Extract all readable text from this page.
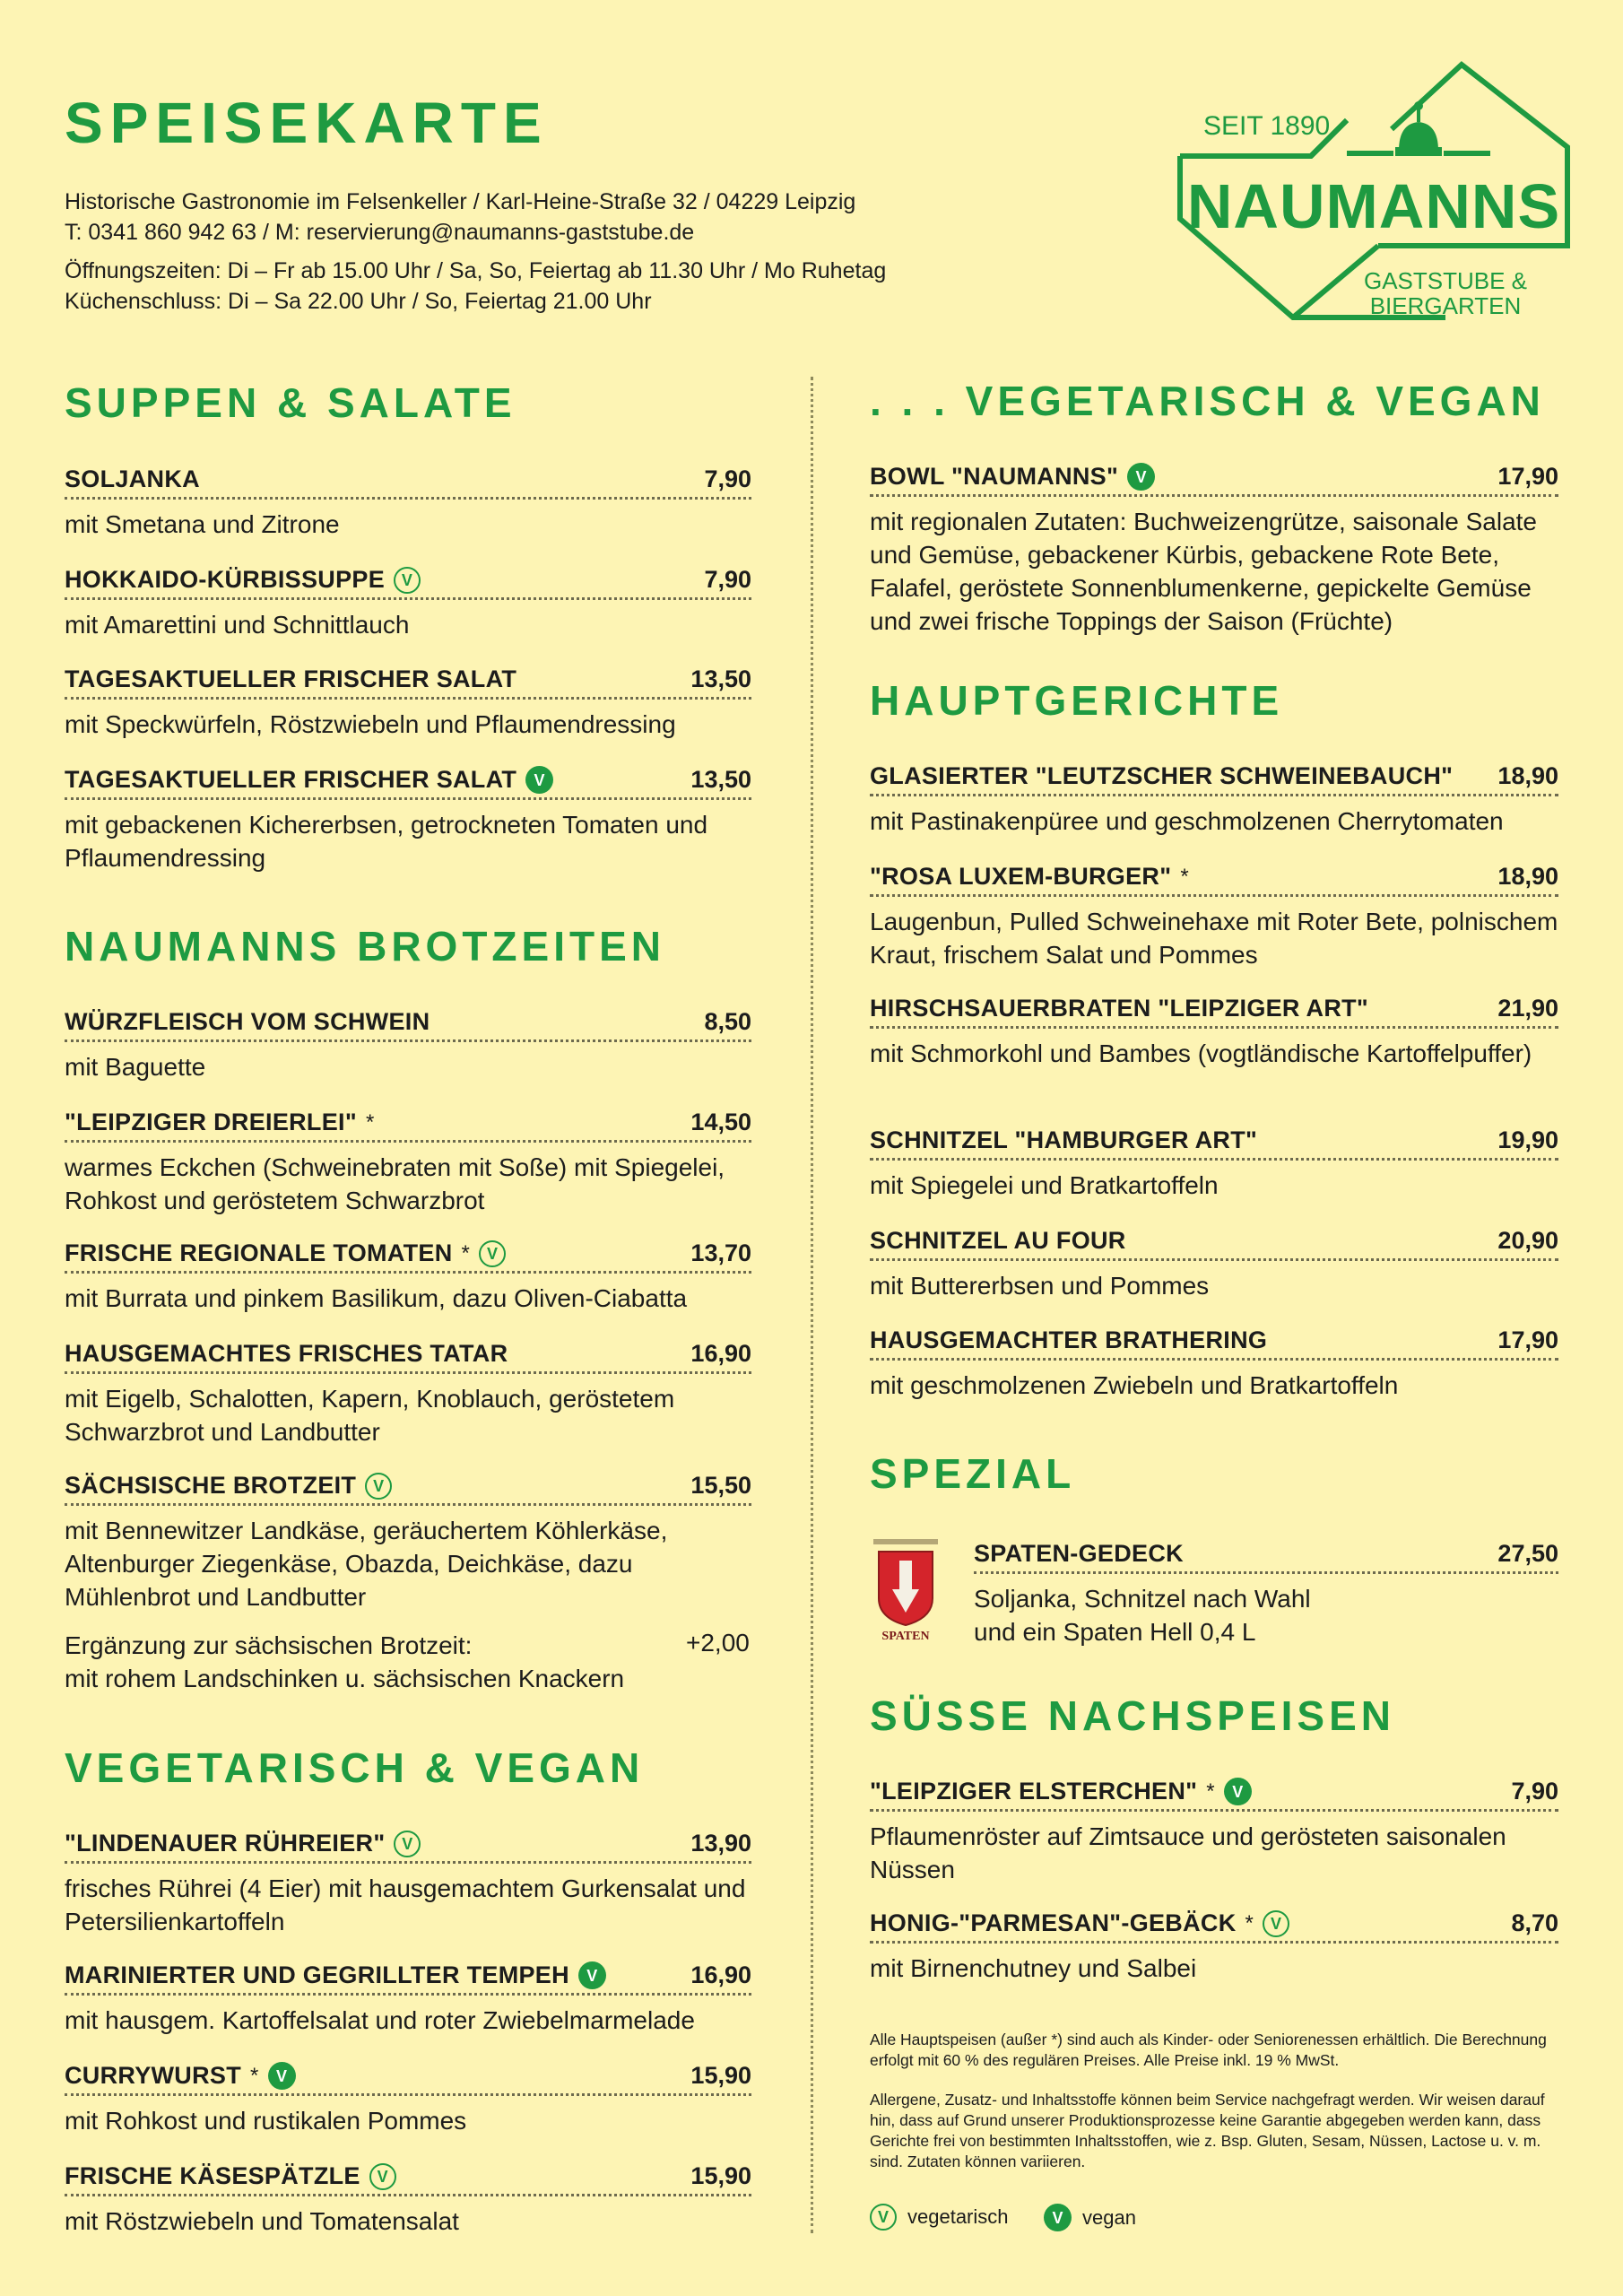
SPEISEKARTE
Historische Gastronomie im Felsenkeller / Karl-Heine-Straße 32 / 04229 Leipzig
T: 0341 860 942 63 / M: reservierung@naumanns-gaststube.de
Öffnungszeiten: Di – Fr ab 15.00 Uhr / Sa, So, Feiertag ab 11.30 Uhr / Mo Ruhetag
Küchenschluss: Di – Sa 22.00 Uhr / So, Feiertag 21.00 Uhr
SEIT 1890
NAUMANNS
GASTSTUBE &
BIERGARTEN
SUPPEN & SALATE
SOLJANKA	7,90
mit Smetana und Zitrone
HOKKAIDO-KÜRBISSUPPE	V	7,90
mit Amarettini und Schnittlauch
TAGESAKTUELLER FRISCHER SALAT	13,50
mit Speckwürfeln, Röstzwiebeln und Pflaumendressing
TAGESAKTUELLER FRISCHER SALAT	V	13,50
mit gebackenen Kichererbsen, getrockneten Tomaten und Pflaumendressing
NAUMANNS BROTZEITEN
WÜRZFLEISCH VOM SCHWEIN	8,50
mit Baguette
"LEIPZIGER DREIERLEI" *	14,50
warmes Eckchen (Schweinebraten mit Soße) mit Spiegelei, Rohkost und geröstetem Schwarzbrot
FRISCHE REGIONALE TOMATEN *	V	13,70
mit Burrata und pinkem Basilikum, dazu Oliven-Ciabatta
HAUSGEMACHTES FRISCHES TATAR	16,90
mit Eigelb, Schalotten, Kapern, Knoblauch, geröstetem Schwarzbrot und Landbutter
SÄCHSISCHE BROTZEIT	V	15,50
mit Bennewitzer Landkäse, geräuchertem Köhlerkäse, Altenburger Ziegenkäse, Obazda, Deichkäse, dazu Mühlenbrot und Landbutter
Ergänzung zur sächsischen Brotzeit:
mit rohem Landschinken u. sächsischen Knackern
+2,00
VEGETARISCH & VEGAN
"LINDENAUER RÜHREIER"	V	13,90
frisches Rührei (4 Eier) mit hausgemachtem Gurkensalat und Petersilienkartoffeln
MARINIERTER UND GEGRILLTER TEMPEH	V	16,90
mit hausgem. Kartoffelsalat und roter Zwiebelmarmelade
CURRYWURST *	V	15,90
mit Rohkost und rustikalen Pommes
FRISCHE KÄSESPÄTZLE	V	15,90
mit Röstzwiebeln und Tomatensalat
. . . VEGETARISCH & VEGAN
BOWL "NAUMANNS"	V	17,90
mit regionalen Zutaten: Buchweizengrütze, saisonale Salate und Gemüse, gebackener Kürbis, gebackene Rote Bete, Falafel, geröstete Sonnenblumenkerne, gepickelte Gemüse und zwei frische Toppings der Saison (Früchte)
HAUPTGERICHTE
GLASIERTER "LEUTZSCHER SCHWEINEBAUCH" 18,90
mit Pastinakenpüree und geschmolzenen Cherrytomaten
"ROSA LUXEM-BURGER" *	18,90
Laugenbun, Pulled Schweinehaxe mit Roter Bete, polnischem Kraut, frischem Salat und Pommes
HIRSCHSAUERBRATEN "LEIPZIGER ART"	21,90
mit Schmorkohl und Bambes (vogtländische Kartoffelpuffer)
SCHNITZEL "HAMBURGER ART"	19,90
mit Spiegelei und Bratkartoffeln
SCHNITZEL AU FOUR	20,90
mit Buttererbsen und Pommes
HAUSGEMACHTER BRATHERING	17,90
mit geschmolzenen Zwiebeln und Bratkartoffeln
SPEZIAL
SPATEN
SPATEN-GEDECK	27,50
Soljanka, Schnitzel nach Wahl und ein Spaten Hell 0,4 L
SÜSSE NACHSPEISEN
"LEIPZIGER ELSTERCHEN" *	V	7,90
Pflaumenröster auf Zimtsauce und gerösteten saisonalen Nüssen
HONIG-"PARMESAN"-GEBÄCK *	V	8,70
mit Birnenchutney und Salbei
Alle Hauptspeisen (außer *) sind auch als Kinder- oder Seniorenessen erhältlich. Die Berechnung erfolgt mit 60 % des regulären Preises. Alle Preise inkl. 19 % MwSt.
Allergene, Zusatz- und Inhaltsstoffe können beim Service nachgefragt werden. Wir weisen darauf hin, dass auf Grund unserer Produktionsprozesse keine Garantie abgegeben werden kann, dass Gerichte frei von bestimmten Inhaltsstoffen, wie z. Bsp. Gluten, Sesam, Nüssen, Lactose u. v. m. sind. Zutaten können variieren.
V vegetarisch	V vegan
